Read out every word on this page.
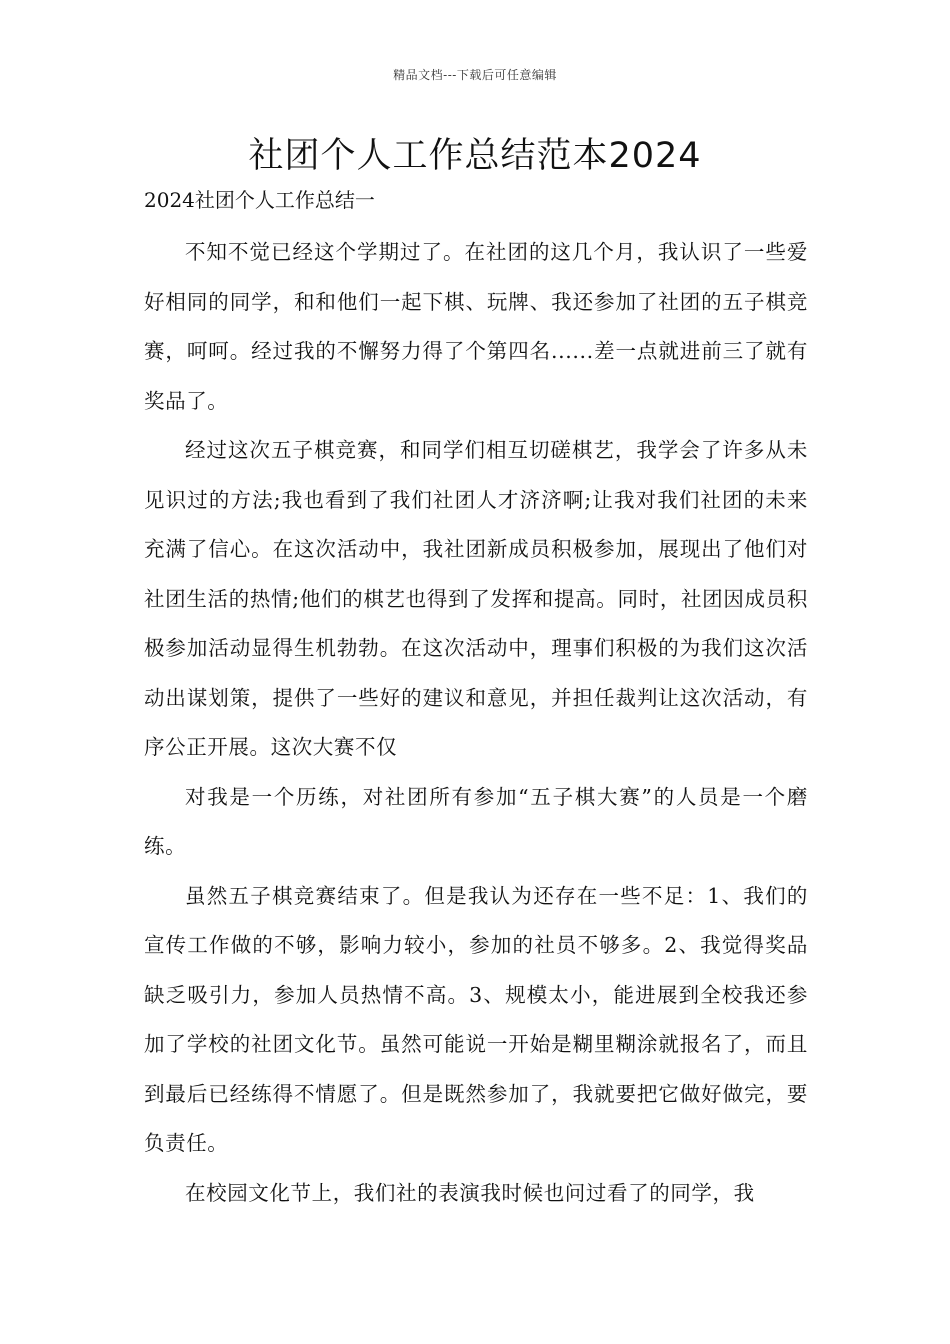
精品文档---下载后可任意编辑
社团个人工作总结范本2024

2024社团个人工作总结一

不知不觉已经这个学期过了。在社团的这几个月，我认识了一些爱好相同的同学，和和他们一起下棋、玩牌、我还参加了社团的五子棋竞赛，呵呵。经过我的不懈努力得了个第四名......差一点就进前三了就有奖品了。

经过这次五子棋竞赛，和同学们相互切磋棋艺，我学会了许多从未见识过的方法;我也看到了我们社团人才济济啊;让我对我们社团的未来充满了信心。在这次活动中，我社团新成员积极参加，展现出了他们对社团生活的热情;他们的棋艺也得到了发挥和提高。同时，社团因成员积极参加活动显得生机勃勃。在这次活动中，理事们积极的为我们这次活动出谋划策，提供了一些好的建议和意见，并担任裁判让这次活动，有序公正开展。这次大赛不仅

对我是一个历练，对社团所有参加“五子棋大赛”的人员是一个磨练。

虽然五子棋竞赛结束了。但是我认为还存在一些不足：1、我们的宣传工作做的不够，影响力较小，参加的社员不够多。2、我觉得奖品缺乏吸引力，参加人员热情不高。3、规模太小，能进展到全校我还参加了学校的社团文化节。虽然可能说一开始是糊里糊涂就报名了，而且到最后已经练得不情愿了。但是既然参加了，我就要把它做好做完，要负责任。

在校园文化节上，我们社的表演我时候也问过看了的同学，我
